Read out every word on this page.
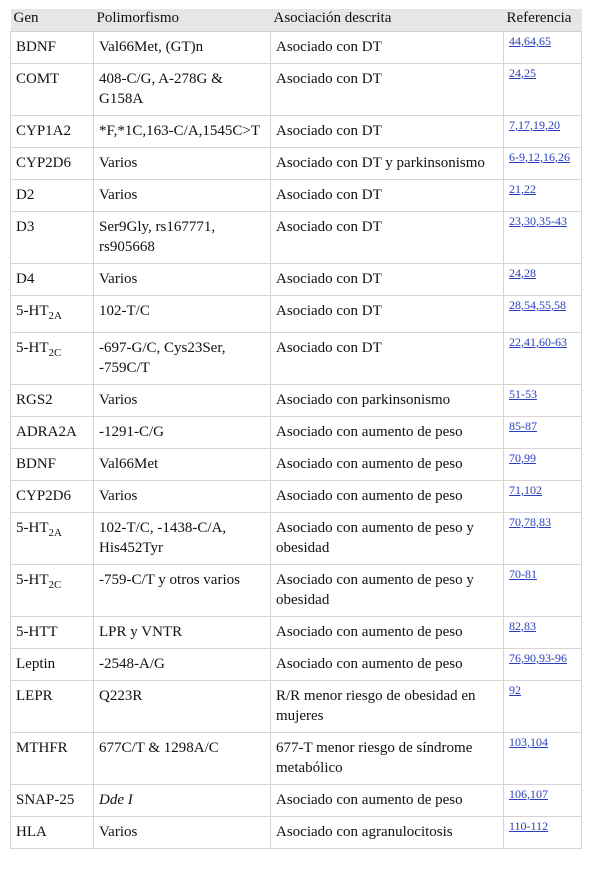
Gen	Polimorfismo	Asociación descrita	Referencia
BDNF	Val66Met, (GT)n	Asociado con DT	44,64,65
COMT	408-C/G, A-278G & G158A	Asociado con DT	24,25
CYP1A2	*F,*1C,163-C/A,1545C>T	Asociado con DT	7,17,19,20
CYP2D6	Varios	Asociado con DT y parkinsonismo	6-9,12,16,26
D2	Varios	Asociado con DT	21,22
D3	Ser9Gly, rs167771, rs905668	Asociado con DT	23,30,35-43
D4	Varios	Asociado con DT	24,28
$5-HT_{2A}$	102-T/C	Asociado con DT	28,54,55,58
$5-HT_{2C}$	-697-G/C, Cys23Ser, -759C/T	Asociado con DT	22,41,60-63
RGS2	Varios	Asociado con parkinsonismo	51-53
ADRA2A	-1291-C/G	Asociado con aumento de peso	85-87
BDNF	Val66Met	Asociado con aumento de peso	70,99
CYP2D6	Varios	Asociado con aumento de peso	71,102
$5-HT_{2A}$	102-T/C, -1438-C/A, His452Tyr	Asociado con aumento de peso y obesidad	70,78,83
$5-HT_{2C}$	-759-C/T y otros varios	Asociado con aumento de peso y obesidad	70-81
5-HTT	LPR y VNTR	Asociado con aumento de peso	82,83
Leptin	-2548-A/G	Asociado con aumento de peso	76,90,93-96
LEPR	Q223R	R/R menor riesgo de obesidad en mujeres	92
MTHFR	677C/T & 1298A/C	677-T menor riesgo de síndrome metabólico	103,104
SNAP-25	Dde I	Asociado con aumento de peso	106,107
HLA	Varios	Asociado con agranulocitosis	110-112
